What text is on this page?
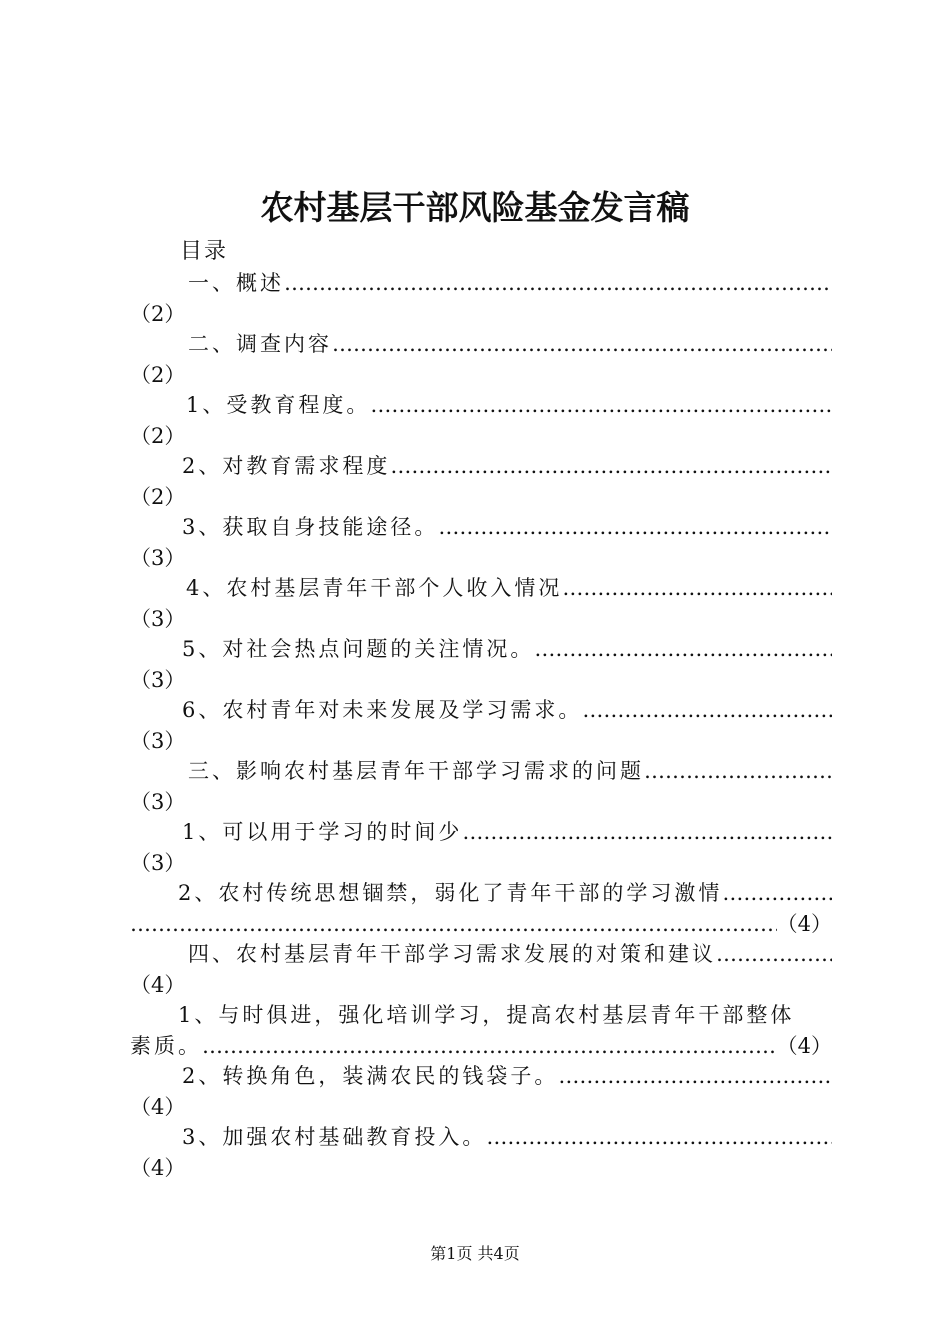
农村基层干部风险基金发言稿
目录
一、概述
……………………………………………………………………………………………………………………………………
（2）
二、调查内容
……………………………………………………………………………………………………………………………………
（2）
1、受教育程度。
……………………………………………………………………………………………………………………………………
（2）
2、对教育需求程度
……………………………………………………………………………………………………………………………………
（2）
3、获取自身技能途径。
……………………………………………………………………………………………………………………………………
（3）
4、农村基层青年干部个人收入情况
……………………………………………………………………………………………………………………………………
（3）
5、对社会热点问题的关注情况。
……………………………………………………………………………………………………………………………………
（3）
6、农村青年对未来发展及学习需求。
……………………………………………………………………………………………………………………………………
（3）
三、影响农村基层青年干部学习需求的问题
……………………………………………………………………………………………………………………………………
（3）
1、可以用于学习的时间少
……………………………………………………………………………………………………………………………………
（3）
2、农村传统思想锢禁，弱化了青年干部的学习激情
……………………………………………………………………………………………………………………………………
……………………………………………………………………………………………………………………………………
（4）
四、农村基层青年干部学习需求发展的对策和建议
……………………………………………………………………………………………………………………………………
（4）
1、与时俱进，强化培训学习，提高农村基层青年干部整体
素质。
……………………………………………………………………………………………………………………………………	（4）
2、转换角色，装满农民的钱袋子。
……………………………………………………………………………………………………………………………………
（4）
3、加强农村基础教育投入。
……………………………………………………………………………………………………………………………………
（4）
第1页 共4页
